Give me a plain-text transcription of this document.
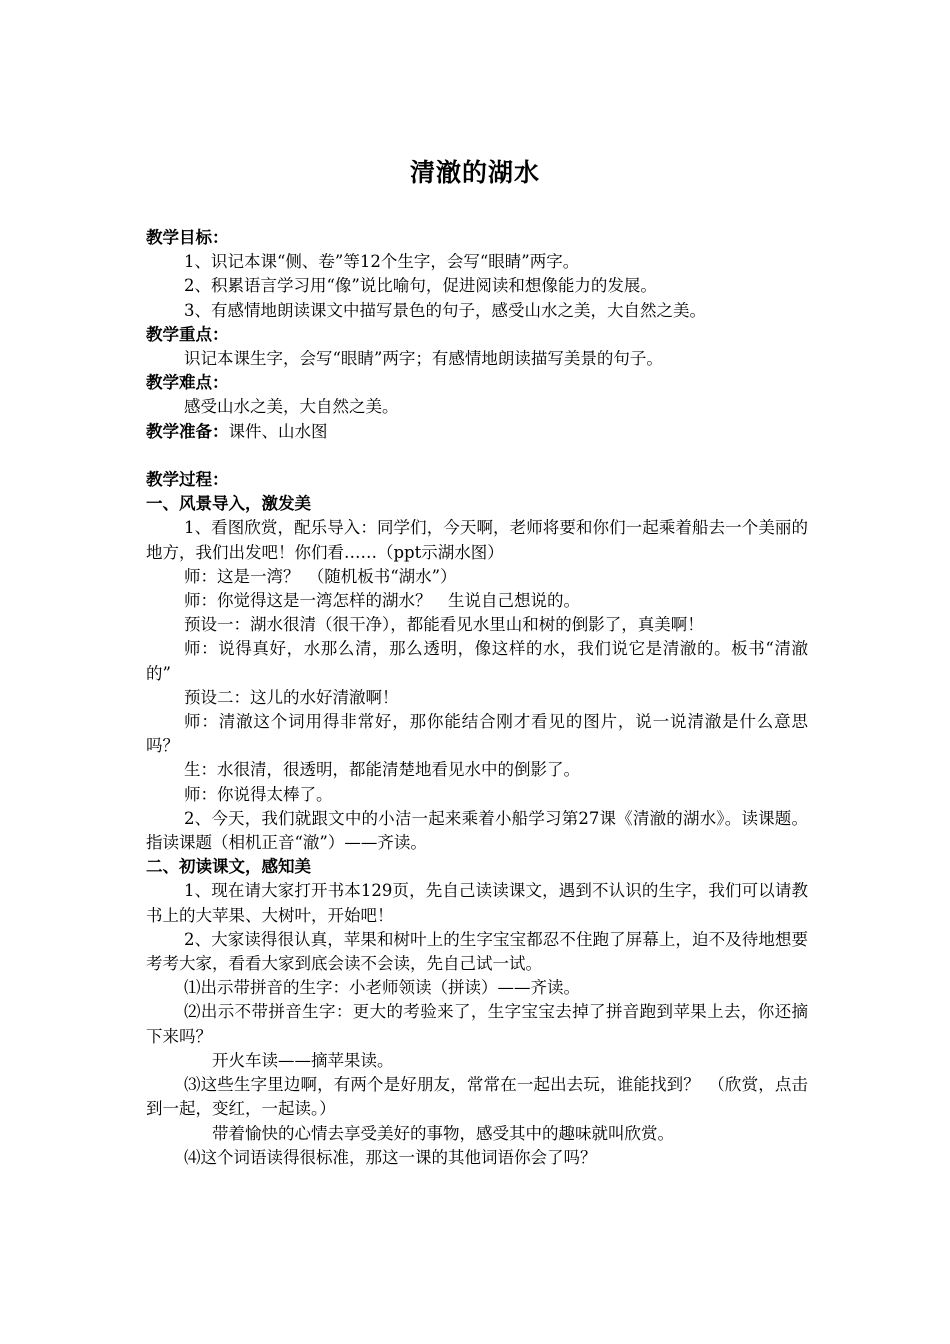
清澈的湖水

教学目标：

1、识记本课“侧、卷”等12个生字，会写“眼睛”两字。

2、积累语言学习用“像”说比喻句，促进阅读和想像能力的发展。

3、有感情地朗读课文中描写景色的句子，感受山水之美，大自然之美。

教学重点：

识记本课生字，会写“眼睛”两字；有感情地朗读描写美景的句子。

教学难点：

感受山水之美，大自然之美。

教学准备：课件、山水图

教学过程：

一、风景导入，激发美

1、看图欣赏，配乐导入：同学们，今天啊，老师将要和你们一起乘着船去一个美丽的地方，我们出发吧！你们看……（ppt示湖水图）

师：这是一湾？　（随机板书“湖水”）

师：你觉得这是一湾怎样的湖水？　生说自己想说的。

预设一：湖水很清（很干净），都能看见水里山和树的倒影了，真美啊！

师：说得真好，水那么清，那么透明，像这样的水，我们说它是清澈的。板书“清澈的”

预设二：这儿的水好清澈啊！

师：清澈这个词用得非常好，那你能结合刚才看见的图片，说一说清澈是什么意思吗？

生：水很清，很透明，都能清楚地看见水中的倒影了。

师：你说得太棒了。

2、今天，我们就跟文中的小洁一起来乘着小船学习第27课《清澈的湖水》。读课题。指读课题（相机正音“澈”）——齐读。

二、初读课文，感知美

1、现在请大家打开书本129页，先自己读读课文，遇到不认识的生字，我们可以请教书上的大苹果、大树叶，开始吧！

2、大家读得很认真，苹果和树叶上的生字宝宝都忍不住跑了屏幕上，迫不及待地想要考考大家，看看大家到底会读不会读，先自己试一试。

⑴出示带拼音的生字：小老师领读（拼读）——齐读。

⑵出示不带拼音生字：更大的考验来了，生字宝宝去掉了拼音跑到苹果上去，你还摘下来吗？

开火车读——摘苹果读。

⑶这些生字里边啊，有两个是好朋友，常常在一起出去玩，谁能找到？　（欣赏，点击到一起，变红，一起读。）

带着愉快的心情去享受美好的事物，感受其中的趣味就叫欣赏。

⑷这个词语读得很标准，那这一课的其他词语你会了吗？
